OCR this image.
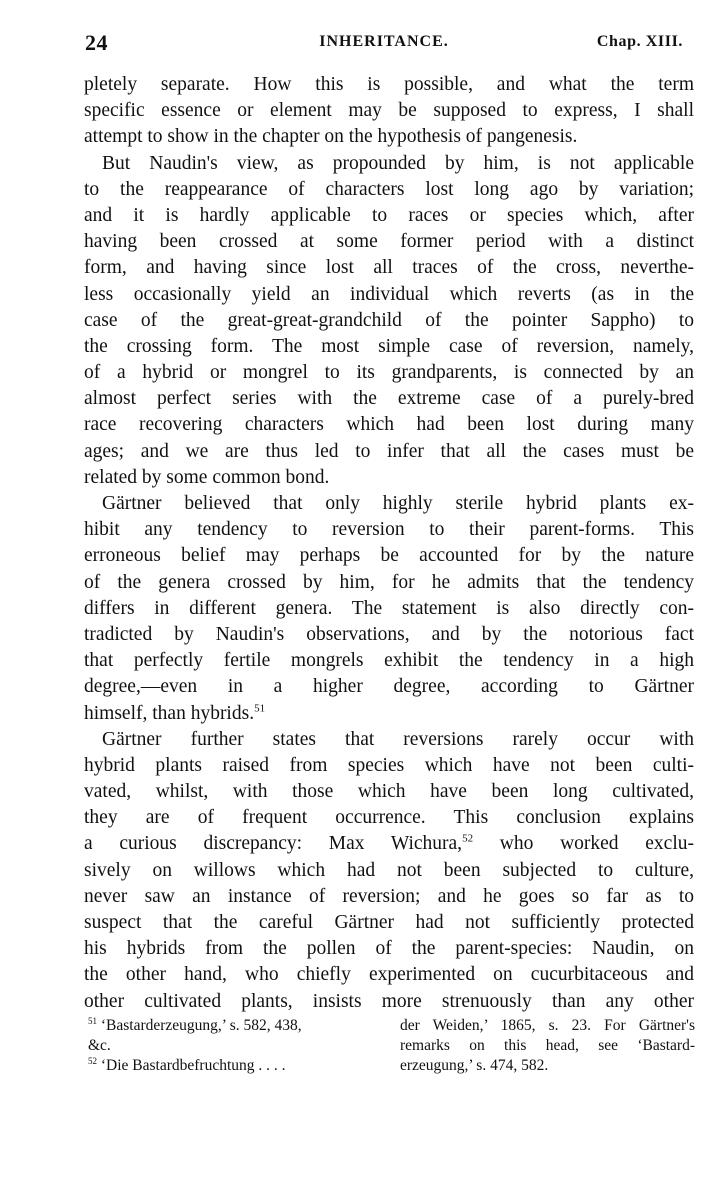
24	INHERITANCE.	Chap. XIII.
pletely separate. How this is possible, and what the term
specific essence or element may be supposed to express, I shall
attempt to show in the chapter on the hypothesis of pangenesis.
But Naudin's view, as propounded by him, is not applicable
to the reappearance of characters lost long ago by variation;
and it is hardly applicable to races or species which, after
having been crossed at some former period with a distinct
form, and having since lost all traces of the cross, neverthe-
less occasionally yield an individual which reverts (as in the
case of the great-great-grandchild of the pointer Sappho) to
the crossing form. The most simple case of reversion, namely,
of a hybrid or mongrel to its grandparents, is connected by an
almost perfect series with the extreme case of a purely-bred
race recovering characters which had been lost during many
ages; and we are thus led to infer that all the cases must be
related by some common bond.
Gärtner believed that only highly sterile hybrid plants ex-
hibit any tendency to reversion to their parent-forms. This
erroneous belief may perhaps be accounted for by the nature
of the genera crossed by him, for he admits that the tendency
differs in different genera. The statement is also directly con-
tradicted by Naudin's observations, and by the notorious fact
that perfectly fertile mongrels exhibit the tendency in a high
degree,—even in a higher degree, according to Gärtner
himself, than hybrids.$^{51}$
Gärtner further states that reversions rarely occur with
hybrid plants raised from species which have not been culti-
vated, whilst, with those which have been long cultivated,
they are of frequent occurrence. This conclusion explains
a curious discrepancy: Max Wichura,$^{52}$ who worked exclu-
sively on willows which had not been subjected to culture,
never saw an instance of reversion; and he goes so far as to
suspect that the careful Gärtner had not sufficiently protected
his hybrids from the pollen of the parent-species: Naudin, on
the other hand, who chiefly experimented on cucurbitaceous and
other cultivated plants, insists more strenuously than any other
$^{51}$ ‘Bastarderzeugung,’ s. 582, 438,
&c.
$^{52}$ ‘Die Bastardbefruchtung . . . .
der Weiden,’ 1865, s. 23. For Gärtner's
remarks on this head, see ‘Bastard-
erzeugung,’ s. 474, 582.
